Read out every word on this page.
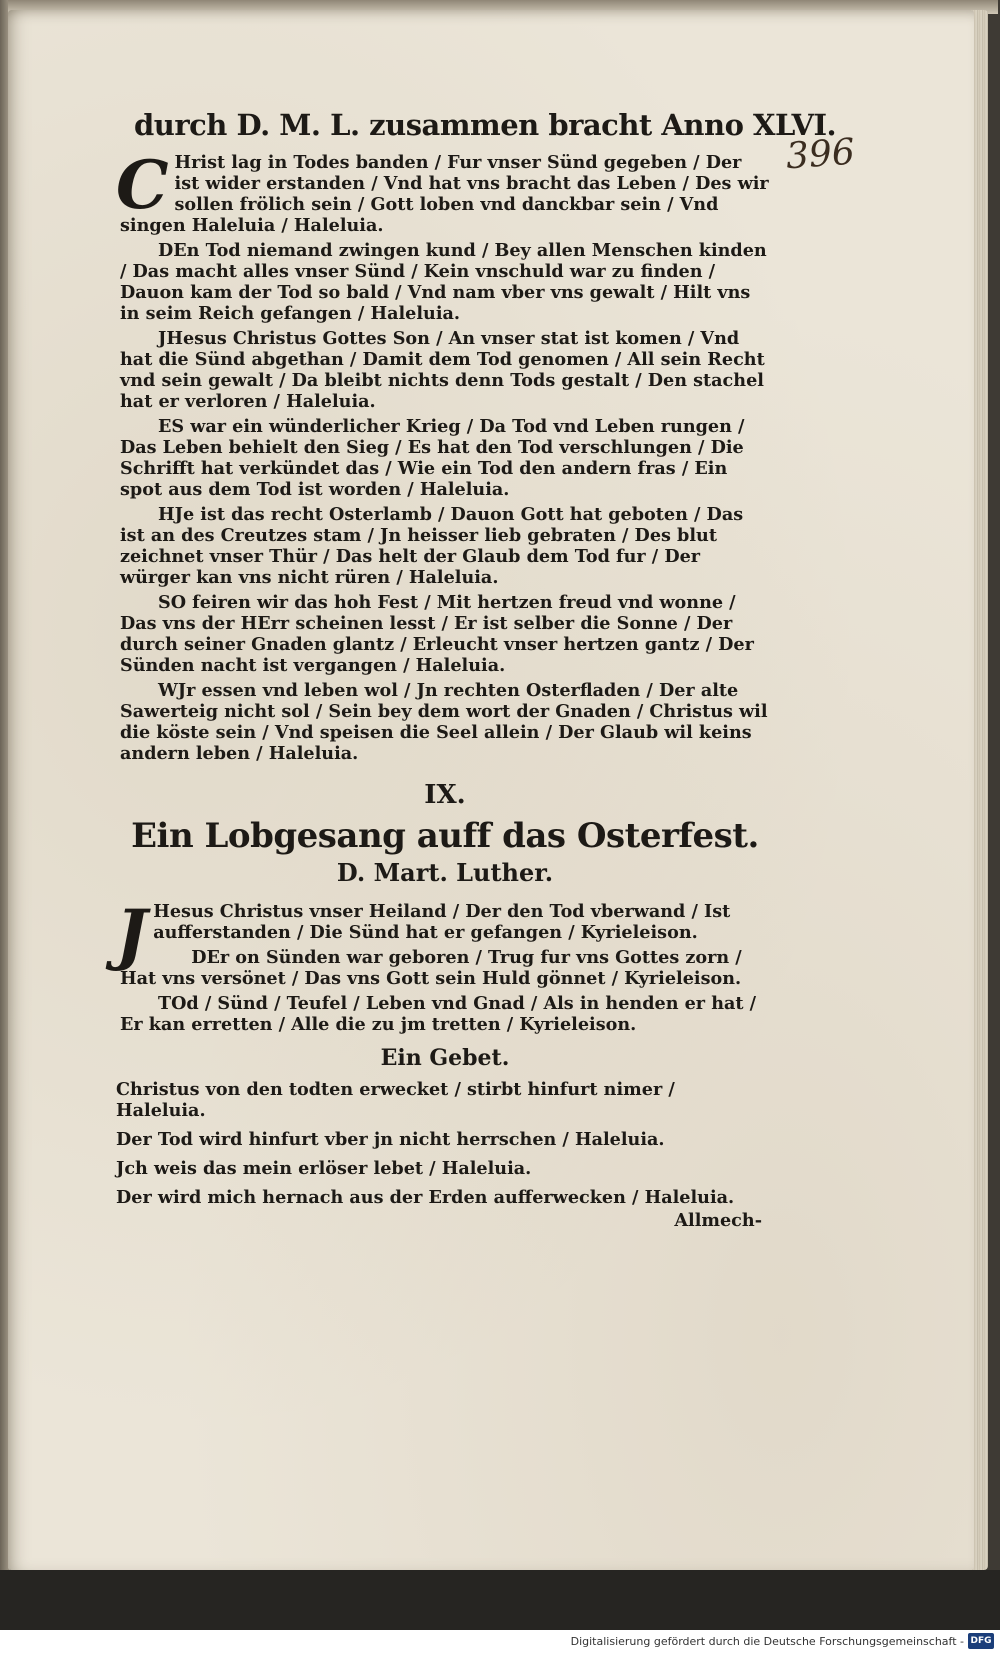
396
durch D. M. L. zusammen bracht Anno XLVI.

C Hrist lag in Todes banden / Fur vnser Sünd gegeben / Der ist wider erstanden / Vnd hat vns bracht das Leben / Des wir sollen frölich sein / Gott loben vnd danckbar sein / Vnd singen Haleluia / Haleluia.

DEn Tod niemand zwingen kund / Bey allen Menschen kinden / Das macht alles vnser Sünd / Kein vnschuld war zu finden / Dauon kam der Tod so bald / Vnd nam vber vns gewalt / Hilt vns in seim Reich gefangen / Haleluia.

JHesus Christus Gottes Son / An vnser stat ist komen / Vnd hat die Sünd abgethan / Damit dem Tod genomen / All sein Recht vnd sein gewalt / Da bleibt nichts denn Tods gestalt / Den stachel hat er verloren / Haleluia.

ES war ein wünderlicher Krieg / Da Tod vnd Leben rungen / Das Leben behielt den Sieg / Es hat den Tod verschlungen / Die Schrifft hat verkündet das / Wie ein Tod den andern fras / Ein spot aus dem Tod ist worden / Haleluia.

HJe ist das recht Osterlamb / Dauon Gott hat geboten / Das ist an des Creutzes stam / Jn heisser lieb gebraten / Des blut zeichnet vnser Thür / Das helt der Glaub dem Tod fur / Der würger kan vns nicht rüren / Haleluia.

SO feiren wir das hoh Fest / Mit hertzen freud vnd wonne / Das vns der HErr scheinen lesst / Er ist selber die Sonne / Der durch seiner Gnaden glantz / Erleucht vnser hertzen gantz / Der Sünden nacht ist vergangen / Haleluia.

WJr essen vnd leben wol / Jn rechten Osterfladen / Der alte Sawerteig nicht sol / Sein bey dem wort der Gnaden / Christus wil die köste sein / Vnd speisen die Seel allein / Der Glaub wil keins andern leben / Haleluia.

IX.
Ein Lobgesang auff das Osterfest.
D. Mart. Luther.

J Hesus Christus vnser Heiland / Der den Tod vberwand / Ist aufferstanden / Die Sünd hat er gefangen / Kyrieleison.

DEr on Sünden war geboren / Trug fur vns Gottes zorn / Hat vns versönet / Das vns Gott sein Huld gönnet / Kyrieleison.

TOd / Sünd / Teufel / Leben vnd Gnad / Als in henden er hat / Er kan erretten / Alle die zu jm tretten / Kyrieleison.

Ein Gebet.

Christus von den todten erwecket / stirbt hinfurt nimer / Haleluia.

Der Tod wird hinfurt vber jn nicht herrschen / Haleluia.

Jch weis das mein erlöser lebet / Haleluia.

Der wird mich hernach aus der Erden aufferwecken / Haleluia.

Allmech-
Digitalisierung gefördert durch die Deutsche Forschungsgemeinschaft - DFG
